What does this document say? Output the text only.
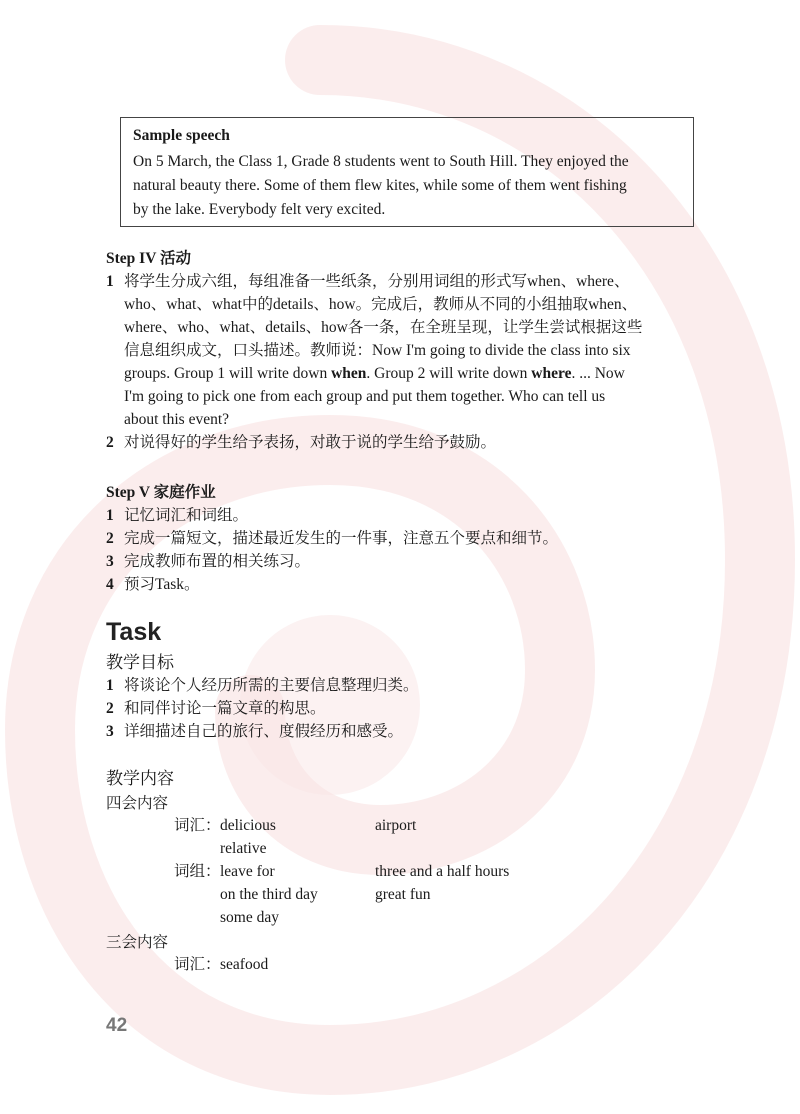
Sample speech
On 5 March, the Class 1, Grade 8 students went to South Hill. They enjoyed the
natural beauty there. Some of them flew kites, while some of them went fishing
by the lake. Everybody felt very excited.
Step IV 活动
1 将学生分成六组，每组准备一些纸条，分别用词组的形式写when、where、
who、what、what中的details、how。完成后，教师从不同的小组抽取when、
where、who、what、details、how各一条，在全班呈现，让学生尝试根据这些
信息组织成文，口头描述。教师说：Now I'm going to divide the class into six
groups. Group 1 will write down when. Group 2 will write down where. ... Now
I'm going to pick one from each group and put them together. Who can tell us
about this event?
2 对说得好的学生给予表扬，对敢于说的学生给予鼓励。
Step V 家庭作业
1 记忆词汇和词组。
2 完成一篇短文，描述最近发生的一件事，注意五个要点和细节。
3 完成教师布置的相关练习。
4 预习Task。
Task
教学目标
1 将谈论个人经历所需的主要信息整理归类。
2 和同伴讨论一篇文章的构思。
3 详细描述自己的旅行、度假经历和感受。
教学内容
四会内容
词汇： delicious	airport
relative
词组： leave for	three and a half hours
on the third day	great fun
some day
三会内容
词汇： seafood
42
